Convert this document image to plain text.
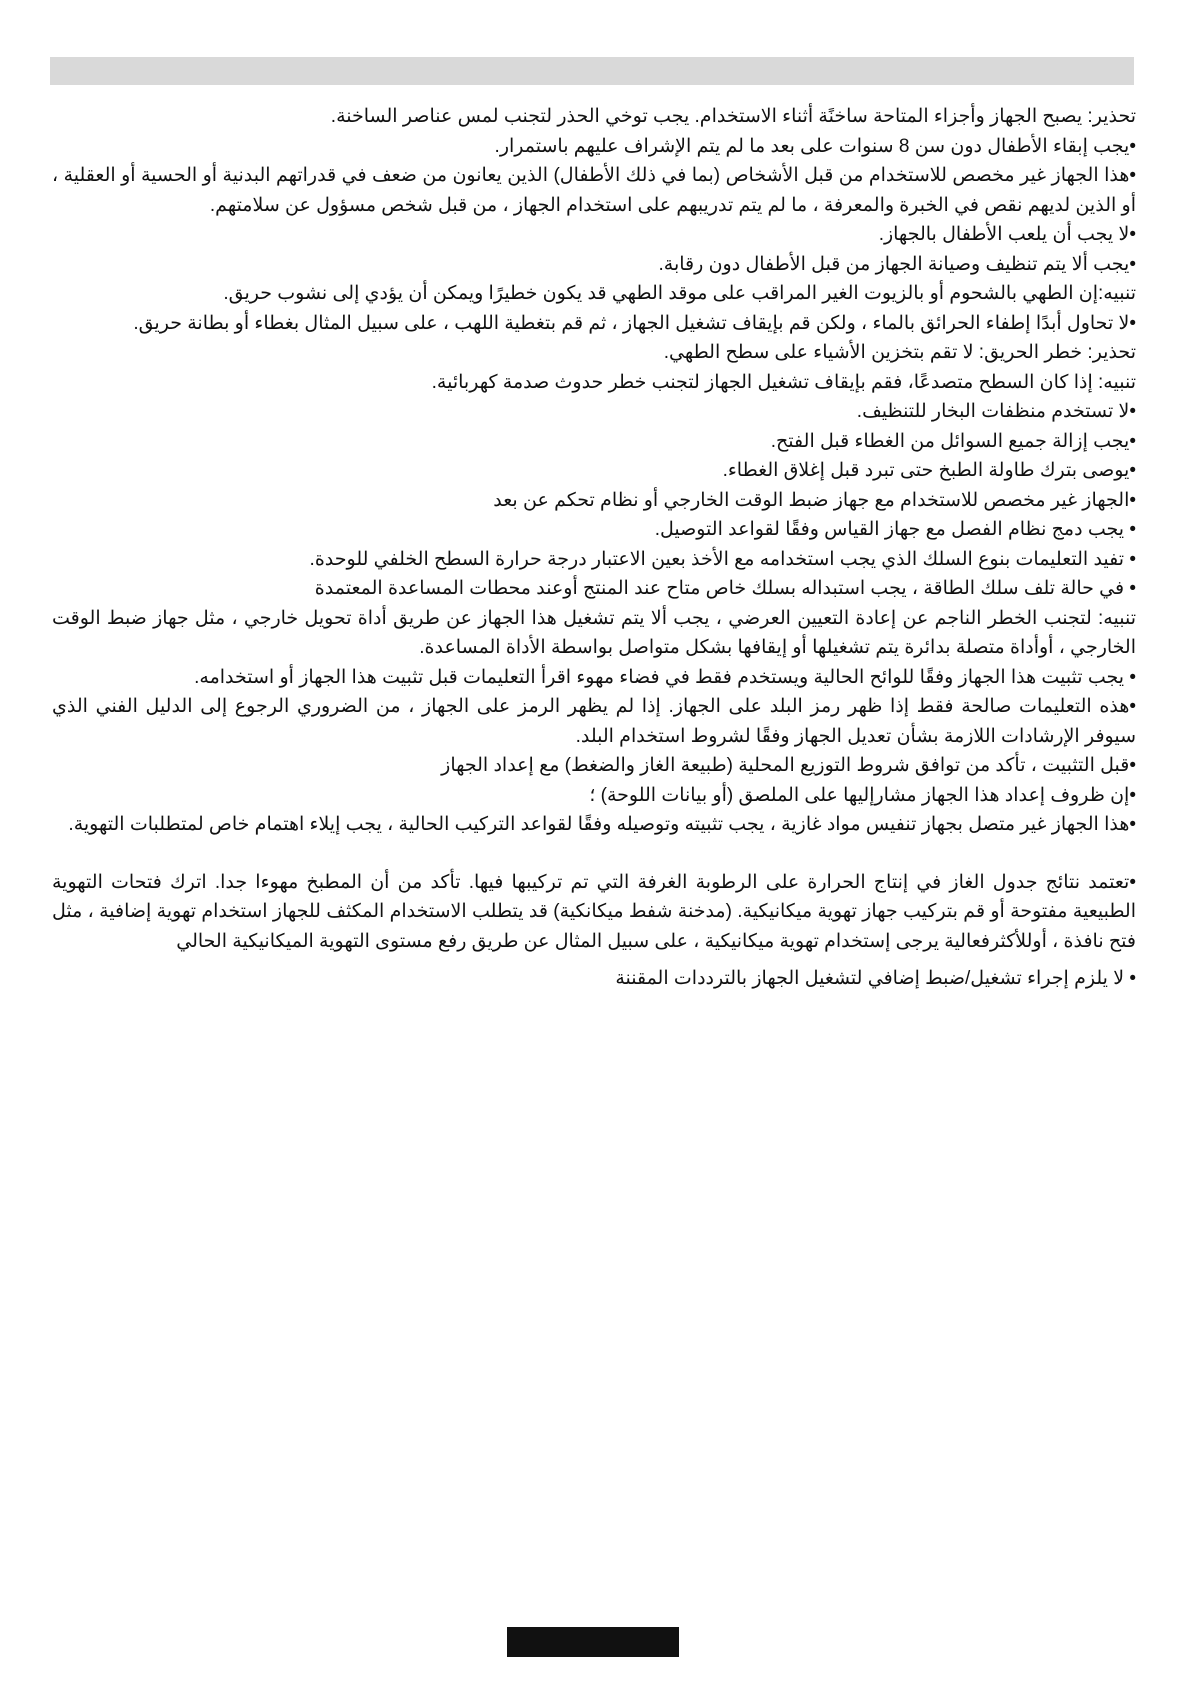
تحذير: يصبح الجهاز وأجزاء المتاحة ساخنًة أثناء الاستخدام. يجب توخي الحذر لتجنب لمس عناصر الساخنة.

•يجب إبقاء الأطفال دون سن 8 سنوات على بعد ما لم يتم الإشراف عليهم باستمرار.

•هذا الجهاز غير مخصص للاستخدام من قبل الأشخاص (بما في ذلك الأطفال) الذين يعانون من ضعف في قدراتهم البدنية أو الحسية أو العقلية ، أو الذين لديهم نقص في الخبرة والمعرفة ، ما لم يتم تدريبهم على استخدام الجهاز ، من قبل شخص مسؤول عن سلامتهم.

•لا يجب أن يلعب الأطفال بالجهاز.

•يجب ألا يتم تنظيف وصيانة الجهاز من قبل الأطفال دون رقابة.

تنبيه:إن الطهي بالشحوم أو بالزيوت الغير المراقب على موقد الطهي قد يكون خطيرًا ويمكن أن يؤدي إلى نشوب حريق.

•لا تحاول أبدًا إطفاء الحرائق بالماء ، ولكن قم بإيقاف تشغيل الجهاز ، ثم قم بتغطية اللهب ، على سبيل المثال بغطاء أو بطانة حريق.

تحذير: خطر الحريق: لا تقم بتخزين الأشياء على سطح الطهي.

تنبيه: إذا كان السطح متصدعًا، فقم بإيقاف تشغيل الجهاز لتجنب خطر حدوث صدمة كهربائية.

•لا تستخدم منظفات البخار للتنظيف.

•يجب إزالة جميع السوائل من الغطاء قبل الفتح.

•يوصى بترك طاولة الطبخ حتى تبرد قبل إغلاق الغطاء.

•الجهاز غير مخصص للاستخدام مع جهاز ضبط الوقت الخارجي أو نظام تحكم عن بعد

• يجب دمج نظام الفصل مع جهاز القياس وفقًا لقواعد التوصيل.

• تفيد التعليمات بنوع السلك الذي يجب استخدامه مع الأخذ بعين الاعتبار درجة حرارة السطح الخلفي للوحدة.

• في حالة تلف سلك الطاقة ، يجب استبداله بسلك خاص متاح عند المنتج أوعند محطات المساعدة المعتمدة

تنبيه: لتجنب الخطر الناجم عن إعادة التعيين العرضي ، يجب ألا يتم تشغيل هذا الجهاز عن طريق أداة تحويل خارجي ، مثل جهاز ضبط الوقت الخارجي ، أوأداة متصلة بدائرة يتم تشغيلها أو إيقافها بشكل متواصل بواسطة الأداة المساعدة.

• يجب تثبيت هذا الجهاز وفقًا للوائح الحالية ويستخدم فقط في فضاء مهوء اقرأ التعليمات قبل تثبيت هذا الجهاز أو استخدامه.

•هذه التعليمات صالحة فقط إذا ظهر رمز البلد على الجهاز. إذا لم يظهر الرمز على الجهاز ، من الضروري الرجوع إلى الدليل الفني الذي سيوفر الإرشادات اللازمة بشأن تعديل الجهاز وفقًا لشروط استخدام البلد.

•قبل التثبيت ، تأكد من توافق شروط التوزيع المحلية (طبيعة الغاز والضغط) مع إعداد الجهاز

•إن ظروف إعداد هذا الجهاز مشارإليها على الملصق (أو بيانات اللوحة) ؛

•هذا الجهاز غير متصل بجهاز تنفيس مواد غازية ، يجب تثبيته وتوصيله وفقًا لقواعد التركيب الحالية ، يجب إيلاء اهتمام خاص لمتطلبات التهوية.

•تعتمد نتائج جدول الغاز في إنتاج الحرارة على الرطوبة الغرفة التي تم تركيبها فيها. تأكد من أن المطبخ مهوءا جدا. اترك فتحات التهوية الطبيعية مفتوحة أو قم بتركيب جهاز تهوية ميكانيكية. (مدخنة شفط ميكانكية) قد يتطلب الاستخدام المكثف للجهاز استخدام تهوية إضافية ، مثل فتح نافذة ، أوللأكثرفعالية يرجى إستخدام تهوية ميكانيكية ، على سبيل المثال عن طريق رفع مستوى التهوية الميكانيكية الحالي

• لا يلزم إجراء تشغيل/ضبط إضافي لتشغيل الجهاز بالترددات المقننة
